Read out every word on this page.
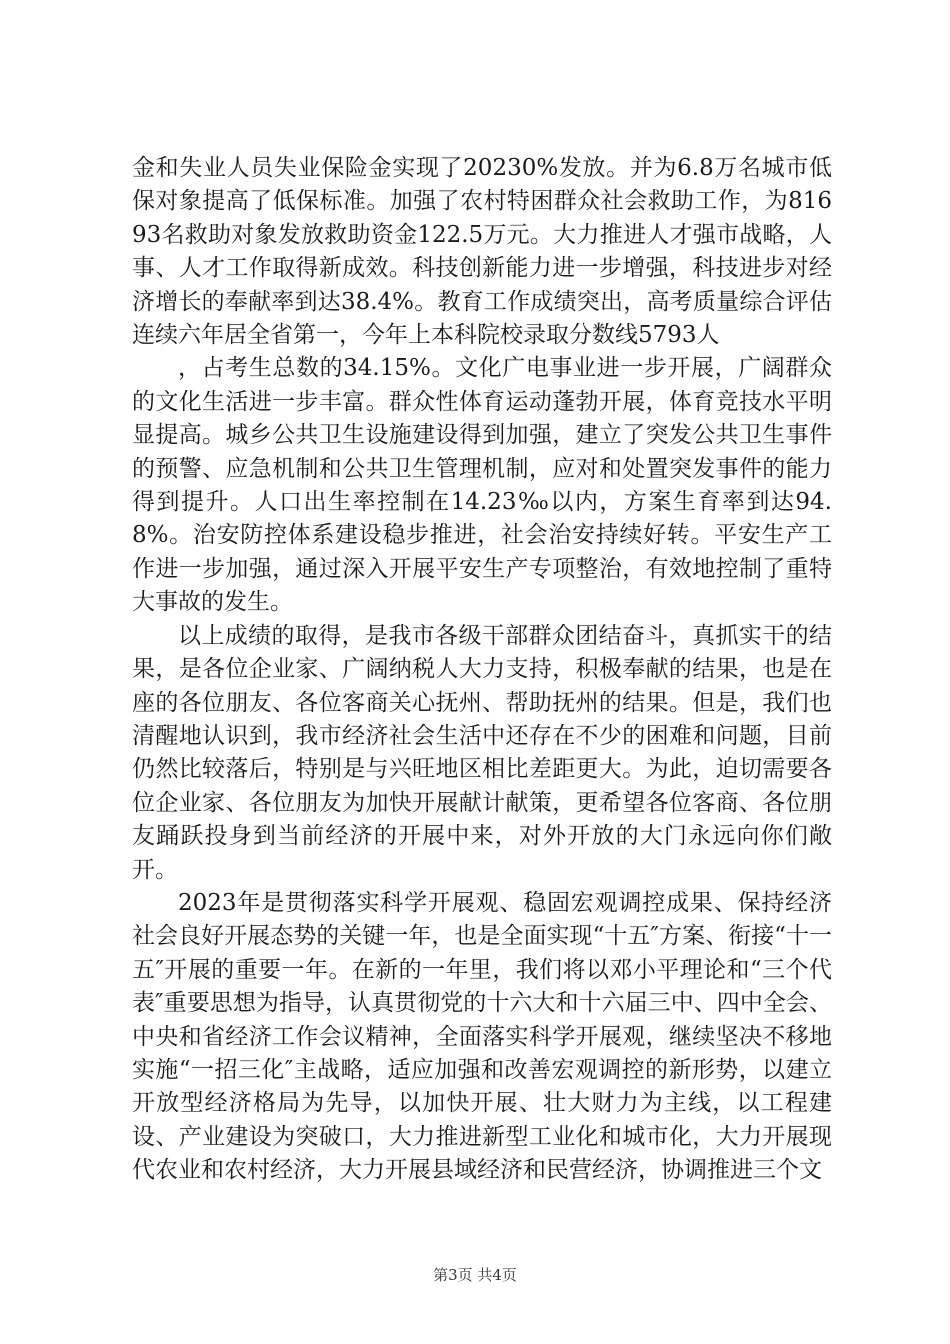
金和失业人员失业保险金实现了20230%发放。并为6.8万名城市低保对象提高了低保标准。加强了农村特困群众社会救助工作，为81693名救助对象发放救助资金122.5万元。大力推进人才强市战略，人事、人才工作取得新成效。科技创新能力进一步增强，科技进步对经济增长的奉献率到达38.4%。教育工作成绩突出，高考质量综合评估连续六年居全省第一，今年上本科院校录取分数线5793人

，占考生总数的34.15%。文化广电事业进一步开展，广阔群众的文化生活进一步丰富。群众性体育运动蓬勃开展，体育竞技水平明显提高。城乡公共卫生设施建设得到加强，建立了突发公共卫生事件的预警、应急机制和公共卫生管理机制，应对和处置突发事件的能力得到提升。人口出生率控制在14.23‰以内，方案生育率到达94.8%。治安防控体系建设稳步推进，社会治安持续好转。平安生产工作进一步加强，通过深入开展平安生产专项整治，有效地控制了重特大事故的发生。

以上成绩的取得，是我市各级干部群众团结奋斗，真抓实干的结果，是各位企业家、广阔纳税人大力支持，积极奉献的结果，也是在座的各位朋友、各位客商关心抚州、帮助抚州的结果。但是，我们也清醒地认识到，我市经济社会生活中还存在不少的困难和问题，目前仍然比较落后，特别是与兴旺地区相比差距更大。为此，迫切需要各位企业家、各位朋友为加快开展献计献策，更希望各位客商、各位朋友踊跃投身到当前经济的开展中来，对外开放的大门永远向你们敞开。

2023年是贯彻落实科学开展观、稳固宏观调控成果、保持经济社会良好开展态势的关键一年，也是全面实现“十五″方案、衔接“十一五″开展的重要一年。在新的一年里，我们将以邓小平理论和“三个代表″重要思想为指导，认真贯彻党的十六大和十六届三中、四中全会、中央和省经济工作会议精神，全面落实科学开展观，继续坚决不移地实施“一招三化″主战略，适应加强和改善宏观调控的新形势，以建立开放型经济格局为先导，以加快开展、壮大财力为主线，以工程建设、产业建设为突破口，大力推进新型工业化和城市化，大力开展现代农业和农村经济，大力开展县域经济和民营经济，协调推进三个文

第3页 共4页
